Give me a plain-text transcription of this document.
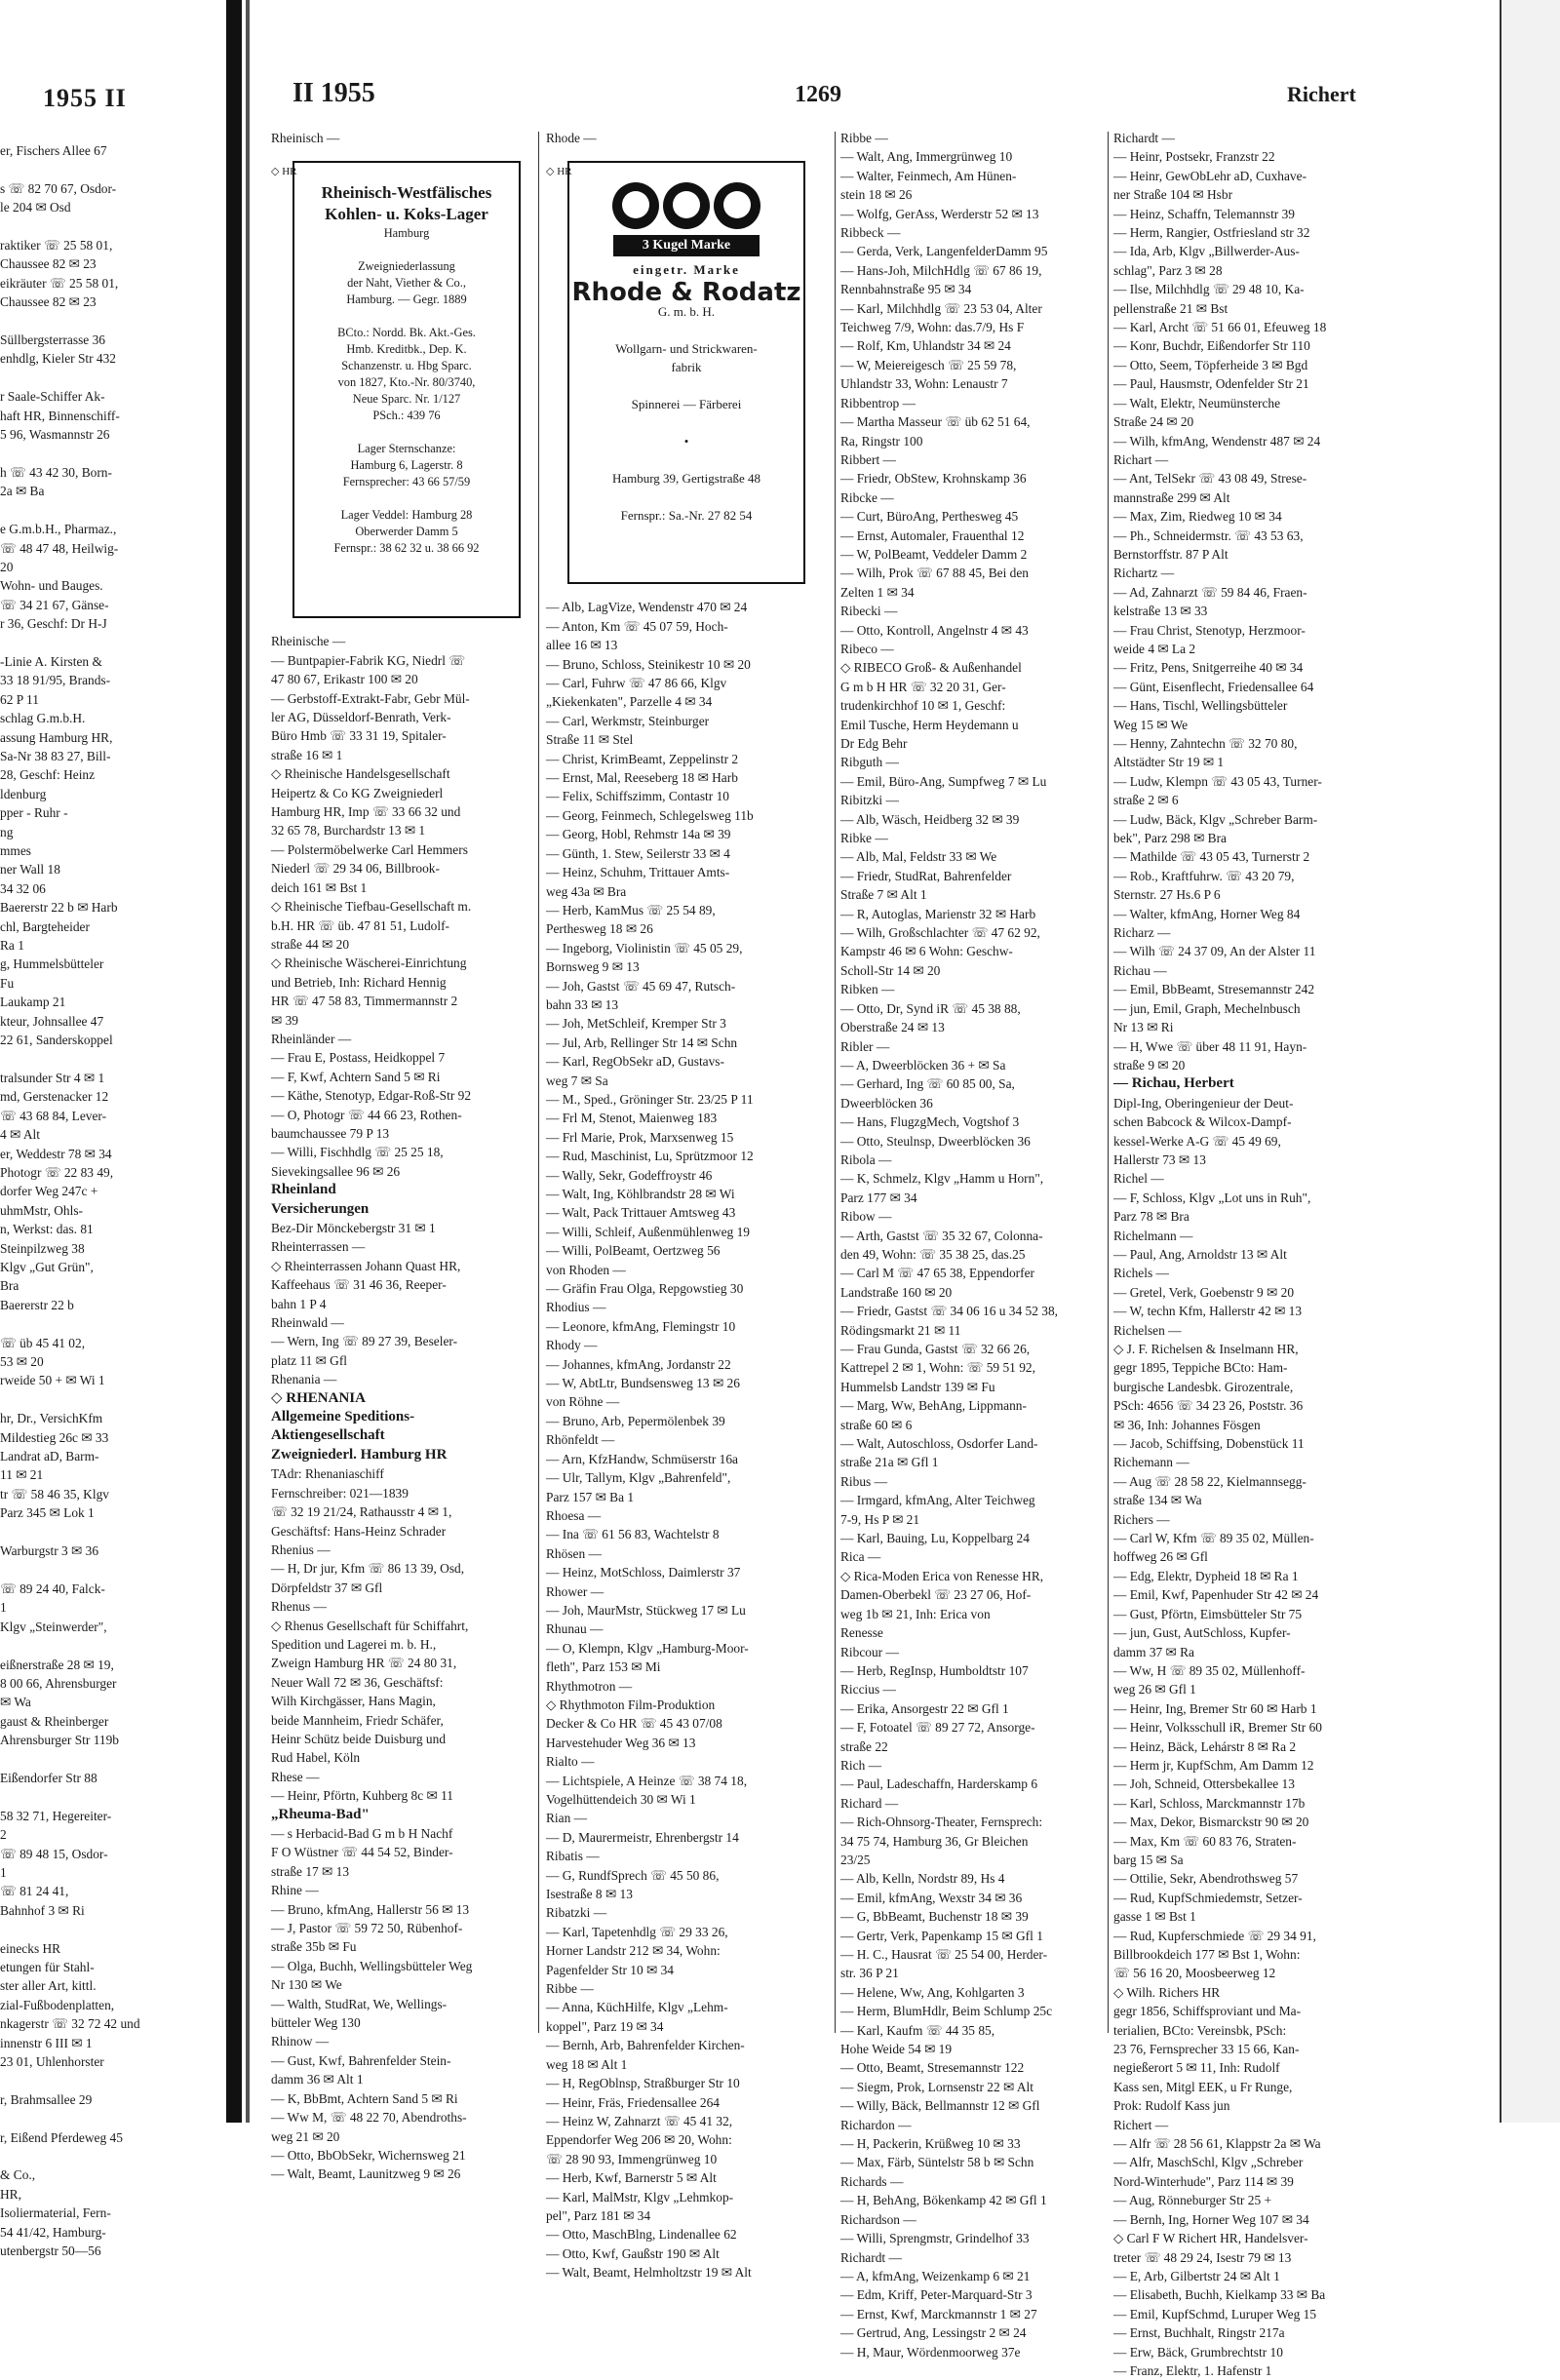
1955 II
er, Fischers Allee 67

s ☏ 82 70 67, Osdor-
le 204 ✉ Osd

raktiker ☏ 25 58 01,
Chaussee 82 ✉ 23
eikräuter ☏ 25 58 01,
Chaussee 82 ✉ 23

Süllbergsterrasse 36
enhdlg, Kieler Str 432

r Saale-Schiffer Ak-
haft HR, Binnenschiff-
5 96, Wasmannstr 26

h ☏ 43 42 30, Born-
2a ✉ Ba

e G.m.b.H., Pharmaz.,
☏ 48 47 48, Heilwig-
20
Wohn- und Bauges.
☏ 34 21 67, Gänse-
r 36, Geschf: Dr H-J

-Linie A. Kirsten &
33 18 91/95, Brands-
62 P 11
schlag G.m.b.H.
assung Hamburg HR,
Sa-Nr 38 83 27, Bill-
28, Geschf: Heinz
ldenburg
pper - Ruhr -
ng
mmes
ner Wall 18
34 32 06
Baererstr 22 b ✉ Harb
chl, Bargteheider
Ra 1
g, Hummelsbütteler
Fu
Laukamp 21
kteur, Johnsallee 47
22 61, Sanderskoppel

tralsunder Str 4 ✉ 1
md, Gerstenacker 12
☏ 43 68 84, Lever-
4 ✉ Alt
er, Weddestr 78 ✉ 34
Photogr ☏ 22 83 49,
dorfer Weg 247c +
uhmMstr, Ohls-
n, Werkst: das. 81
Steinpilzweg 38
Klgv „Gut Grün",
Bra
Baererstr 22 b

☏ üb 45 41 02,
53 ✉ 20
rweide 50 + ✉ Wi 1

hr, Dr., VersichKfm
Mildestieg 26c ✉ 33
Landrat aD, Barm-
11 ✉ 21
tr ☏ 58 46 35, Klgv
Parz 345 ✉ Lok 1

Warburgstr 3 ✉ 36

☏ 89 24 40, Falck-
1
Klgv „Steinwerder",

eißnerstraße 28 ✉ 19,
8 00 66, Ahrensburger
✉ Wa
gaust & Rheinberger
Ahrensburger Str 119b

Eißendorfer Str 88

58 32 71, Hegereiter-
2
☏ 89 48 15, Osdor-
1
☏ 81 24 41,
Bahnhof 3 ✉ Ri

einecks HR
etungen für Stahl-
ster aller Art, kittl.
zial-Fußbodenplatten,
nkagerstr ☏ 32 72 42 und
innenstr 6 III ✉ 1
23 01, Uhlenhorster

r, Brahmsallee 29

r, Eißend Pferdeweg 45

& Co.,
HR,
Isoliermaterial, Fern-
54 41/42, Hamburg-
utenbergstr 50—56
II 1955	1269	Richert
Rheinisch —
◇ HR
Rheinisch-Westfälisches Kohlen- u. Koks-Lager
Hamburg

Zweigniederlassung
der Naht, Viether & Co.,
Hamburg. — Gegr. 1889

BCto.: Nordd. Bk. Akt.-Ges.
Hmb. Kreditbk., Dep. K.
Schanzenstr. u. Hbg Sparc.
von 1827, Kto.-Nr. 80/3740,
Neue Sparc. Nr. 1/127
PSch.: 439 76

Lager Sternschanze:
Hamburg 6, Lagerstr. 8
Fernsprecher: 43 66 57/59

Lager Veddel: Hamburg 28
Oberwerder Damm 5
Fernspr.: 38 62 32 u. 38 66 92
Rheinische —
— Buntpapier-Fabrik KG, Niedrl ☏
47 80 67, Erikastr 100 ✉ 20
— Gerbstoff-Extrakt-Fabr, Gebr Mül-
ler AG, Düsseldorf-Benrath, Verk-
Büro Hmb ☏ 33 31 19, Spitaler-
straße 16 ✉ 1
◇ Rheinische Handelsgesellschaft
Heipertz & Co KG Zweigniederl
Hamburg HR, Imp ☏ 33 66 32 und
32 65 78, Burchardstr 13 ✉ 1
— Polstermöbelwerke Carl Hemmers
Niederl ☏ 29 34 06, Billbrook-
deich 161 ✉ Bst 1
◇ Rheinische Tiefbau-Gesellschaft m.
b.H. HR ☏ üb. 47 81 51, Ludolf-
straße 44 ✉ 20
◇ Rheinische Wäscherei-Einrichtung
und Betrieb, Inh: Richard Hennig
HR ☏ 47 58 83, Timmermannstr 2
✉ 39
Rheinländer —
— Frau E, Postass, Heidkoppel 7
— F, Kwf, Achtern Sand 5 ✉ Ri
— Käthe, Stenotyp, Edgar-Roß-Str 92
— O, Photogr ☏ 44 66 23, Rothen-
baumchaussee 79 P 13
— Willi, Fischhdlg ☏ 25 25 18,
Sievekingsallee 96 ✉ 26
Rheinland
Versicherungen
Bez-Dir Mönckebergstr 31 ✉ 1
Rheinterrassen —
◇ Rheinterrassen Johann Quast HR,
Kaffeehaus ☏ 31 46 36, Reeper-
bahn 1 P 4
Rheinwald —
— Wern, Ing ☏ 89 27 39, Beseler-
platz 11 ✉ Gfl
Rhenania —
◇ RHENANIA
Allgemeine Speditions-
Aktiengesellschaft
Zweigniederl. Hamburg HR
TAdr: Rhenaniaschiff
Fernschreiber: 021—1839
☏ 32 19 21/24, Rathausstr 4 ✉ 1,
Geschäftsf: Hans-Heinz Schrader
Rhenius —
— H, Dr jur, Kfm ☏ 86 13 39, Osd,
Dörpfeldstr 37 ✉ Gfl
Rhenus —
◇ Rhenus Gesellschaft für Schiffahrt,
Spedition und Lagerei m. b. H.,
Zweign Hamburg HR ☏ 24 80 31,
Neuer Wall 72 ✉ 36, Geschäftsf:
Wilh Kirchgässer, Hans Magin,
beide Mannheim, Friedr Schäfer,
Heinr Schütz beide Duisburg und
Rud Habel, Köln
Rhese —
— Heinr, Pförtn, Kuhberg 8c ✉ 11
„Rheuma-Bad"
— s Herbacid-Bad G m b H Nachf
F O Wüstner ☏ 44 54 52, Binder-
straße 17 ✉ 13
Rhine —
— Bruno, kfmAng, Hallerstr 56 ✉ 13
— J, Pastor ☏ 59 72 50, Rübenhof-
straße 35b ✉ Fu
— Olga, Buchh, Wellingsbütteler Weg
Nr 130 ✉ We
— Walth, StudRat, We, Wellings-
bütteler Weg 130
Rhinow —
— Gust, Kwf, Bahrenfelder Stein-
damm 36 ✉ Alt 1
— K, BbBmt, Achtern Sand 5 ✉ Ri
— Ww M, ☏ 48 22 70, Abendroths-
weg 21 ✉ 20
— Otto, BbObSekr, Wichernsweg 21
— Walt, Beamt, Launitzweg 9 ✉ 26
Rhode —
◇ HR
3 Kugel Marke
eingetr. Marke
Rhode & Rodatz
G. m. b. H.

Wollgarn- und Strickwaren-
fabrik

Spinnerei — Färberei

•

Hamburg 39, Gertigstraße 48

Fernspr.: Sa.-Nr. 27 82 54
— Alb, LagVize, Wendenstr 470 ✉ 24
— Anton, Km ☏ 45 07 59, Hoch-
allee 16 ✉ 13
— Bruno, Schloss, Steinikestr 10 ✉ 20
— Carl, Fuhrw ☏ 47 86 66, Klgv
„Kiekenkaten", Parzelle 4 ✉ 34
— Carl, Werkmstr, Steinburger
Straße 11 ✉ Stel
— Christ, KrimBeamt, Zeppelinstr 2
— Ernst, Mal, Reeseberg 18 ✉ Harb
— Felix, Schiffszimm, Contastr 10
— Georg, Feinmech, Schlegelsweg 11b
— Georg, Hobl, Rehmstr 14a ✉ 39
— Günth, 1. Stew, Seilerstr 33 ✉ 4
— Heinz, Schuhm, Trittauer Amts-
weg 43a ✉ Bra
— Herb, KamMus ☏ 25 54 89,
Perthesweg 18 ✉ 26
— Ingeborg, Violinistin ☏ 45 05 29,
Bornsweg 9 ✉ 13
— Joh, Gastst ☏ 45 69 47, Rutsch-
bahn 33 ✉ 13
— Joh, MetSchleif, Kremper Str 3
— Jul, Arb, Rellinger Str 14 ✉ Schn
— Karl, RegObSekr aD, Gustavs-
weg 7 ✉ Sa
— M., Sped., Gröninger Str. 23/25 P 11
— Frl M, Stenot, Maienweg 183
— Frl Marie, Prok, Marxsenweg 15
— Rud, Maschinist, Lu, Sprützmoor 12
— Wally, Sekr, Godeffroystr 46
— Walt, Ing, Köhlbrandstr 28 ✉ Wi
— Walt, Pack Trittauer Amtsweg 43
— Willi, Schleif, Außenmühlenweg 19
— Willi, PolBeamt, Oertzweg 56
von Rhoden —
— Gräfin Frau Olga, Repgowstieg 30
Rhodius —
— Leonore, kfmAng, Flemingstr 10
Rhody —
— Johannes, kfmAng, Jordanstr 22
— W, AbtLtr, Bundsensweg 13 ✉ 26
von Röhne —
— Bruno, Arb, Pepermölenbek 39
Rhönfeldt —
— Arn, KfzHandw, Schmüserstr 16a
— Ulr, Tallym, Klgv „Bahrenfeld",
Parz 157 ✉ Ba 1
Rhoesa —
— Ina ☏ 61 56 83, Wachtelstr 8
Rhösen —
— Heinz, MotSchloss, Daimlerstr 37
Rhower —
— Joh, MaurMstr, Stückweg 17 ✉ Lu
Rhunau —
— O, Klempn, Klgv „Hamburg-Moor-
fleth", Parz 153 ✉ Mi
Rhythmotron —
◇ Rhythmoton Film-Produktion
Decker & Co HR ☏ 45 43 07/08
Harvestehuder Weg 36 ✉ 13
Rialto —
— Lichtspiele, A Heinze ☏ 38 74 18,
Vogelhüttendeich 30 ✉ Wi 1
Rian —
— D, Maurermeistr, Ehrenbergstr 14
Ribatis —
— G, RundfSprech ☏ 45 50 86,
Isestraße 8 ✉ 13
Ribatzki —
— Karl, Tapetenhdlg ☏ 29 33 26,
Horner Landstr 212 ✉ 34, Wohn:
Pagenfelder Str 10 ✉ 34
Ribbe —
— Anna, KüchHilfe, Klgv „Lehm-
koppel", Parz 19 ✉ 34
— Bernh, Arb, Bahrenfelder Kirchen-
weg 18 ✉ Alt 1
— H, RegOblnsp, Straßburger Str 10
— Heinr, Fräs, Friedensallee 264
— Heinz W, Zahnarzt ☏ 45 41 32,
Eppendorfer Weg 206 ✉ 20, Wohn:
☏ 28 90 93, Immengrünweg 10
— Herb, Kwf, Barnerstr 5 ✉ Alt
— Karl, MalMstr, Klgv „Lehmkop-
pel", Parz 181 ✉ 34
— Otto, MaschBlng, Lindenallee 62
— Otto, Kwf, Gaußstr 190 ✉ Alt
— Walt, Beamt, Helmholtzstr 19 ✉ Alt
Ribbe —
— Walt, Ang, Immergrünweg 10
— Walter, Feinmech, Am Hünen-
stein 18 ✉ 26
— Wolfg, GerAss, Werderstr 52 ✉ 13
Ribbeck —
— Gerda, Verk, LangenfelderDamm 95
— Hans-Joh, MilchHdlg ☏ 67 86 19,
Rennbahnstraße 95 ✉ 34
— Karl, Milchhdlg ☏ 23 53 04, Alter
Teichweg 7/9, Wohn: das.7/9, Hs F
— Rolf, Km, Uhlandstr 34 ✉ 24
— W, Meiereigesch ☏ 25 59 78,
Uhlandstr 33, Wohn: Lenaustr 7
Ribbentrop —
— Martha Masseur ☏ üb 62 51 64,
Ra, Ringstr 100
Ribbert —
— Friedr, ObStew, Krohnskamp 36
Ribcke —
— Curt, BüroAng, Perthesweg 45
— Ernst, Automaler, Frauenthal 12
— W, PolBeamt, Veddeler Damm 2
— Wilh, Prok ☏ 67 88 45, Bei den
Zelten 1 ✉ 34
Ribecki —
— Otto, Kontroll, Angelnstr 4 ✉ 43
Ribeco —
◇ RIBECO Groß- & Außenhandel
G m b H HR ☏ 32 20 31, Ger-
trudenkirchhof 10 ✉ 1, Geschf:
Emil Tusche, Herm Heydemann u
Dr Edg Behr
Ribguth —
— Emil, Büro-Ang, Sumpfweg 7 ✉ Lu
Ribitzki —
— Alb, Wäsch, Heidberg 32 ✉ 39
Ribke —
— Alb, Mal, Feldstr 33 ✉ We
— Friedr, StudRat, Bahrenfelder
Straße 7 ✉ Alt 1
— R, Autoglas, Marienstr 32 ✉ Harb
— Wilh, Großschlachter ☏ 47 62 92,
Kampstr 46 ✉ 6 Wohn: Geschw-
Scholl-Str 14 ✉ 20
Ribken —
— Otto, Dr, Synd iR ☏ 45 38 88,
Oberstraße 24 ✉ 13
Ribler —
— A, Dweerblöcken 36 + ✉ Sa
— Gerhard, Ing ☏ 60 85 00, Sa,
Dweerblöcken 36
— Hans, FlugzgMech, Vogtshof 3
— Otto, Steulnsp, Dweerblöcken 36
Ribola —
— K, Schmelz, Klgv „Hamm u Horn",
Parz 177 ✉ 34
Ribow —
— Arth, Gastst ☏ 35 32 67, Colonna-
den 49, Wohn: ☏ 35 38 25, das.25
— Carl M ☏ 47 65 38, Eppendorfer
Landstraße 160 ✉ 20
— Friedr, Gastst ☏ 34 06 16 u 34 52 38,
Rödingsmarkt 21 ✉ 11
— Frau Gunda, Gastst ☏ 32 66 26,
Kattrepel 2 ✉ 1, Wohn: ☏ 59 51 92,
Hummelsb Landstr 139 ✉ Fu
— Marg, Ww, BehAng, Lippmann-
straße 60 ✉ 6
— Walt, Autoschloss, Osdorfer Land-
straße 21a ✉ Gfl 1
Ribus —
— Irmgard, kfmAng, Alter Teichweg
7-9, Hs P ✉ 21
— Karl, Bauing, Lu, Koppelbarg 24
Rica —
◇ Rica-Moden Erica von Renesse HR,
Damen-Oberbekl ☏ 23 27 06, Hof-
weg 1b ✉ 21, Inh: Erica von
Renesse
Ribcour —
— Herb, RegInsp, Humboldtstr 107
Riccius —
— Erika, Ansorgestr 22 ✉ Gfl 1
— F, Fotoatel ☏ 89 27 72, Ansorge-
straße 22
Rich —
— Paul, Ladeschaffn, Harderskamp 6
Richard —
— Rich-Ohnsorg-Theater, Fernsprech:
34 75 74, Hamburg 36, Gr Bleichen
23/25
— Alb, Kelln, Nordstr 89, Hs 4
— Emil, kfmAng, Wexstr 34 ✉ 36
— G, BbBeamt, Buchenstr 18 ✉ 39
— Gertr, Verk, Papenkamp 15 ✉ Gfl 1
— H. C., Hausrat ☏ 25 54 00, Herder-
str. 36 P 21
— Helene, Ww, Ang, Kohlgarten 3
— Herm, BlumHdlr, Beim Schlump 25c
— Karl, Kaufm ☏ 44 35 85,
Hohe Weide 54 ✉ 19
— Otto, Beamt, Stresemannstr 122
— Siegm, Prok, Lornsenstr 22 ✉ Alt
— Willy, Bäck, Bellmannstr 12 ✉ Gfl
Richardon —
— H, Packerin, Krüßweg 10 ✉ 33
— Max, Färb, Süntelstr 58 b ✉ Schn
Richards —
— H, BehAng, Bökenkamp 42 ✉ Gfl 1
Richardson —
— Willi, Sprengmstr, Grindelhof 33
Richardt —
— A, kfmAng, Weizenkamp 6 ✉ 21
— Edm, Kriff, Peter-Marquard-Str 3
— Ernst, Kwf, Marckmannstr 1 ✉ 27
— Gertrud, Ang, Lessingstr 2 ✉ 24
— H, Maur, Wördenmoorweg 37e
Richardt —
— Heinr, Postsekr, Franzstr 22
— Heinr, GewObLehr aD, Cuxhave-
ner Straße 104 ✉ Hsbr
— Heinz, Schaffn, Telemannstr 39
— Herm, Rangier, Ostfriesland str 32
— Ida, Arb, Klgv „Billwerder-Aus-
schlag", Parz 3 ✉ 28
— Ilse, Milchhdlg ☏ 29 48 10, Ka-
pellenstraße 21 ✉ Bst
— Karl, Archt ☏ 51 66 01, Efeuweg 18
— Konr, Buchdr, Eißendorfer Str 110
— Otto, Seem, Töpferheide 3 ✉ Bgd
— Paul, Hausmstr, Odenfelder Str 21
— Walt, Elektr, Neumünsterche
Straße 24 ✉ 20
— Wilh, kfmAng, Wendenstr 487 ✉ 24
Richart —
— Ant, TelSekr ☏ 43 08 49, Strese-
mannstraße 299 ✉ Alt
— Max, Zim, Riedweg 10 ✉ 34
— Ph., Schneidermstr. ☏ 43 53 63,
Bernstorffstr. 87 P Alt
Richartz —
— Ad, Zahnarzt ☏ 59 84 46, Fraen-
kelstraße 13 ✉ 33
— Frau Christ, Stenotyp, Herzmoor-
weide 4 ✉ La 2
— Fritz, Pens, Snitgerreihe 40 ✉ 34
— Günt, Eisenflecht, Friedensallee 64
— Hans, Tischl, Wellingsbütteler
Weg 15 ✉ We
— Henny, Zahntechn ☏ 32 70 80,
Altstädter Str 19 ✉ 1
— Ludw, Klempn ☏ 43 05 43, Turner-
straße 2 ✉ 6
— Ludw, Bäck, Klgv „Schreber Barm-
bek", Parz 298 ✉ Bra
— Mathilde ☏ 43 05 43, Turnerstr 2
— Rob., Kraftfuhrw. ☏ 43 20 79,
Sternstr. 27 Hs.6 P 6
— Walter, kfmAng, Horner Weg 84
Richarz —
— Wilh ☏ 24 37 09, An der Alster 11
Richau —
— Emil, BbBeamt, Stresemannstr 242
— jun, Emil, Graph, Mechelnbusch
Nr 13 ✉ Ri
— H, Wwe ☏ über 48 11 91, Hayn-
straße 9 ✉ 20
— Richau, Herbert
Dipl-Ing, Oberingenieur der Deut-
schen Babcock & Wilcox-Dampf-
kessel-Werke A-G ☏ 45 49 69,
Hallerstr 73 ✉ 13
Richel —
— F, Schloss, Klgv „Lot uns in Ruh",
Parz 78 ✉ Bra
Richelmann —
— Paul, Ang, Arnoldstr 13 ✉ Alt
Richels —
— Gretel, Verk, Goebenstr 9 ✉ 20
— W, techn Kfm, Hallerstr 42 ✉ 13
Richelsen —
◇ J. F. Richelsen & Inselmann HR,
gegr 1895, Teppiche BCto: Ham-
burgische Landesbk. Girozentrale,
PSch: 4656 ☏ 34 23 26, Poststr. 36
✉ 36, Inh: Johannes Fösgen
— Jacob, Schiffsing, Dobenstück 11
Richemann —
— Aug ☏ 28 58 22, Kielmannsegg-
straße 134 ✉ Wa
Richers —
— Carl W, Kfm ☏ 89 35 02, Müllen-
hoffweg 26 ✉ Gfl
— Edg, Elektr, Dypheid 18 ✉ Ra 1
— Emil, Kwf, Papenhuder Str 42 ✉ 24
— Gust, Pförtn, Eimsbütteler Str 75
— jun, Gust, AutSchloss, Kupfer-
damm 37 ✉ Ra
— Ww, H ☏ 89 35 02, Müllenhoff-
weg 26 ✉ Gfl 1
— Heinr, Ing, Bremer Str 60 ✉ Harb 1
— Heinr, Volksschull iR, Bremer Str 60
— Heinz, Bäck, Lehárstr 8 ✉ Ra 2
— Herm jr, KupfSchm, Am Damm 12
— Joh, Schneid, Ottersbekallee 13
— Karl, Schloss, Marckmannstr 17b
— Max, Dekor, Bismarckstr 90 ✉ 20
— Max, Km ☏ 60 83 76, Straten-
barg 15 ✉ Sa
— Ottilie, Sekr, Abendrothsweg 57
— Rud, KupfSchmiedemstr, Setzer-
gasse 1 ✉ Bst 1
— Rud, Kupferschmiede ☏ 29 34 91,
Billbrookdeich 177 ✉ Bst 1, Wohn:
☏ 56 16 20, Moosbeerweg 12
◇ Wilh. Richers HR
gegr 1856, Schiffsproviant und Ma-
terialien, BCto: Vereinsbk, PSch:
23 76, Fernsprecher 33 15 66, Kan-
negießerort 5 ✉ 11, Inh: Rudolf
Kass sen, Mitgl EEK, u Fr Runge,
Prok: Rudolf Kass jun
Richert —
— Alfr ☏ 28 56 61, Klappstr 2a ✉ Wa
— Alfr, MaschSchl, Klgv „Schreber
Nord-Winterhude", Parz 114 ✉ 39
— Aug, Rönneburger Str 25 +
— Bernh, Ing, Horner Weg 107 ✉ 34
◇ Carl F W Richert HR, Handelsver-
treter ☏ 48 29 24, Isestr 79 ✉ 13
— E, Arb, Gilbertstr 24 ✉ Alt 1
— Elisabeth, Buchh, Kielkamp 33 ✉ Ba
— Emil, KupfSchmd, Luruper Weg 15
— Ernst, Buchhalt, Ringstr 217a
— Erw, Bäck, Grumbrechtstr 10
— Franz, Elektr, 1. Hafenstr 1
